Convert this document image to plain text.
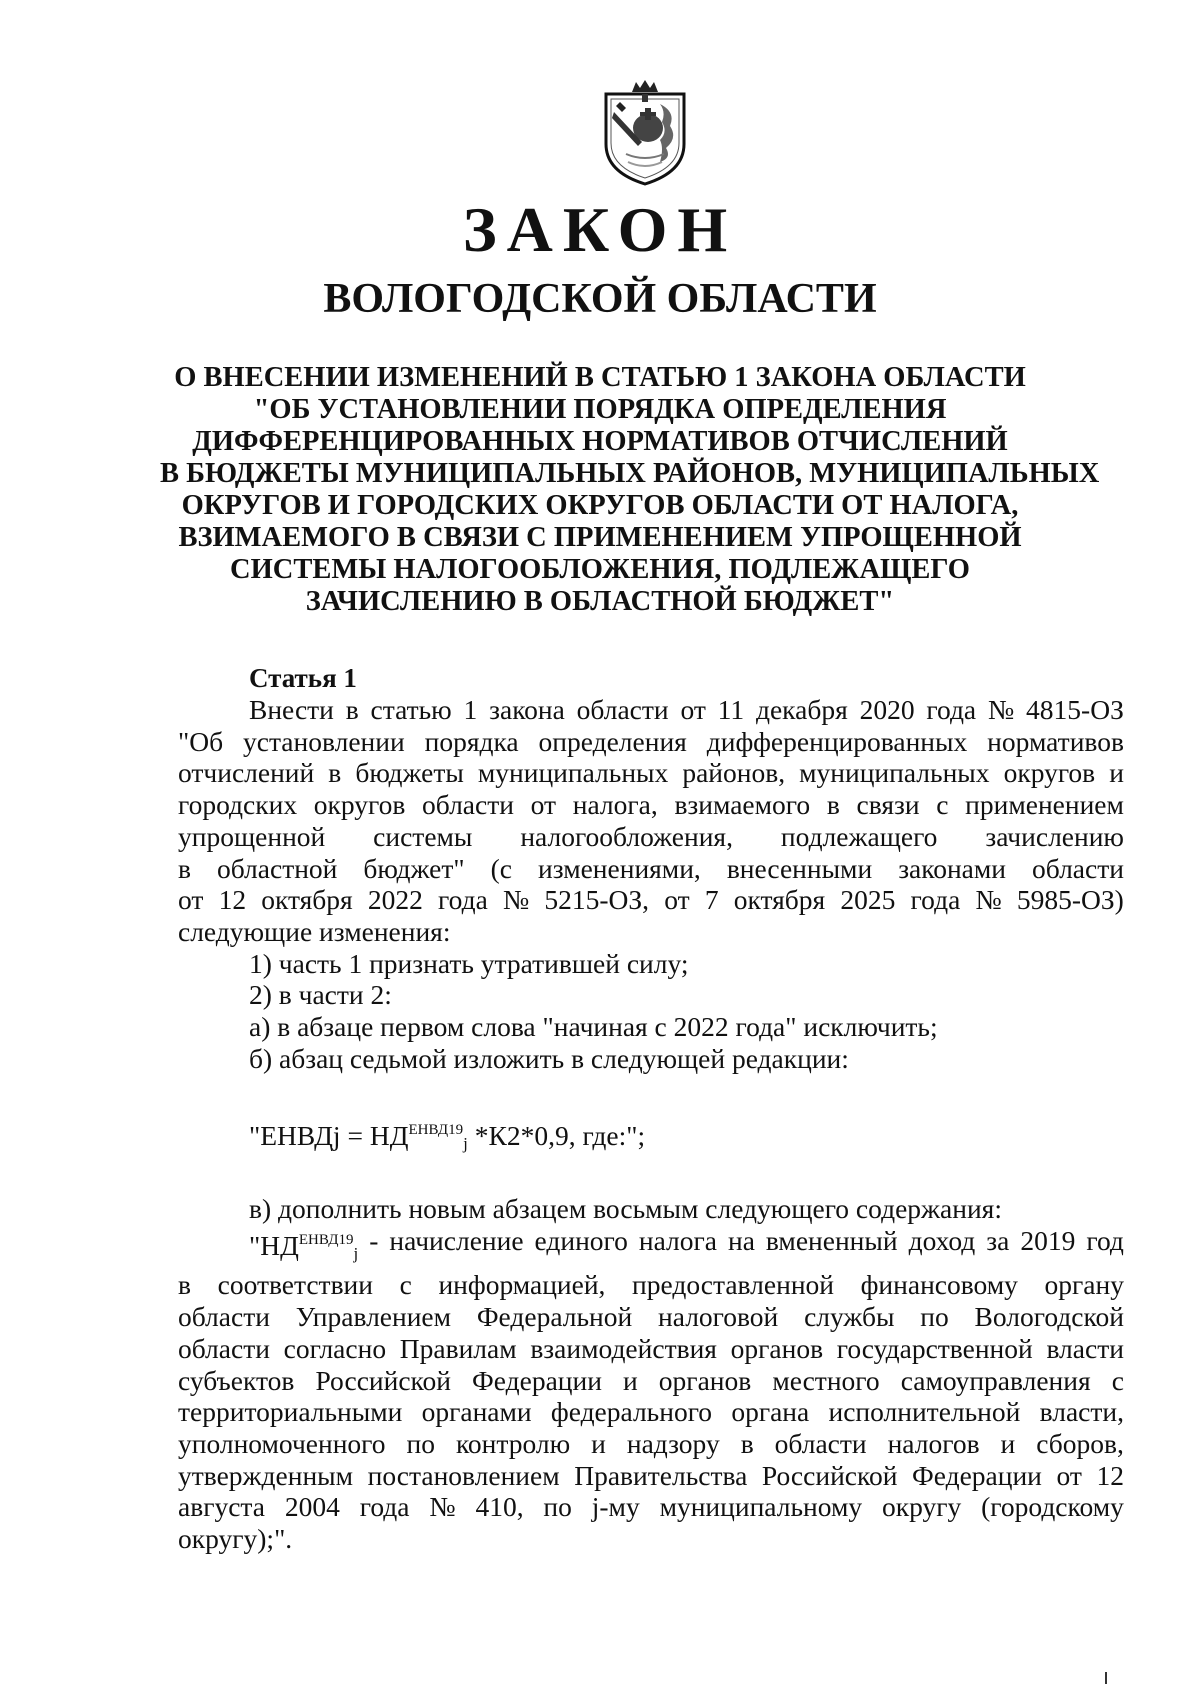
ЗАКОН
ВОЛОГОДСКОЙ ОБЛАСТИ
О ВНЕСЕНИИ ИЗМЕНЕНИЙ В СТАТЬЮ 1 ЗАКОНА ОБЛАСТИ
"ОБ УСТАНОВЛЕНИИ ПОРЯДКА ОПРЕДЕЛЕНИЯ
ДИФФЕРЕНЦИРОВАННЫХ НОРМАТИВОВ ОТЧИСЛЕНИЙ
В БЮДЖЕТЫ МУНИЦИПАЛЬНЫХ РАЙОНОВ, МУНИЦИПАЛЬНЫХ
ОКРУГОВ И ГОРОДСКИХ ОКРУГОВ ОБЛАСТИ ОТ НАЛОГА,
ВЗИМАЕМОГО В СВЯЗИ С ПРИМЕНЕНИЕМ УПРОЩЕННОЙ
СИСТЕМЫ НАЛОГООБЛОЖЕНИЯ, ПОДЛЕЖАЩЕГО
ЗАЧИСЛЕНИЮ В ОБЛАСТНОЙ БЮДЖЕТ"
Статья 1
Внести в статью 1 закона области от 11 декабря 2020 года № 4815-ОЗ
"Об установлении порядка определения дифференцированных нормативов
отчислений в бюджеты муниципальных районов, муниципальных округов и
городских округов области от налога, взимаемого в связи с применением
упрощенной системы налогообложения, подлежащего зачислению
в областной бюджет" (с изменениями, внесенными законами области
от 12 октября 2022 года № 5215-ОЗ, от 7 октября 2025 года № 5985-ОЗ)
следующие изменения:
1) часть 1 признать утратившей силу;
2) в части 2:
а) в абзаце первом слова "начиная с 2022 года" исключить;
б) абзац седьмой изложить в следующей редакции:
"ЕНВДj = $НД^{ЕНВД19}_j$ *К2*0,9, где:";
в) дополнить новым абзацем восьмым следующего содержания:
"$НД^{ЕНВД19}_j$ - начисление единого налога на вмененный доход за 2019 год
в соответствии с информацией, предоставленной финансовому органу
области Управлением Федеральной налоговой службы по Вологодской
области согласно Правилам взаимодействия органов государственной власти
субъектов Российской Федерации и органов местного самоуправления с
территориальными органами федерального органа исполнительной власти,
уполномоченного по контролю и надзору в области налогов и сборов,
утвержденным постановлением Правительства Российской Федерации от 12
августа 2004 года № 410, по j-му муниципальному округу (городскому
округу);".
